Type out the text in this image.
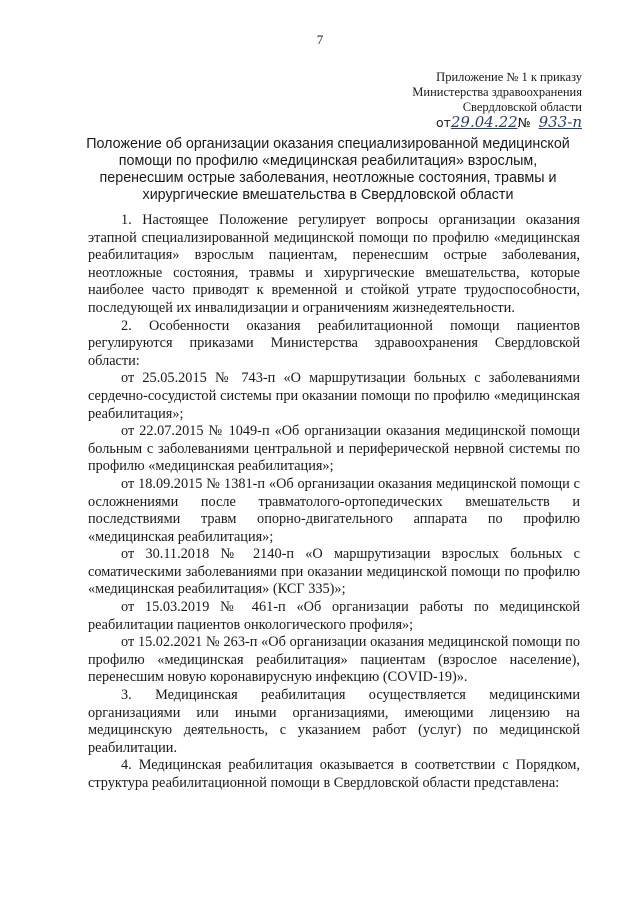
7
Приложение № 1 к приказу
Министерства здравоохранения
Свердловской области
от29.04.22№ 933-п
Положение об организации оказания специализированной медицинской помощи по профилю «медицинская реабилитация» взрослым, перенесшим острые заболевания, неотложные состояния, травмы и хирургические вмешательства в Свердловской области

1. Настоящее Положение регулирует вопросы организации оказания этапной специализированной медицинской помощи по профилю «медицинская реабилитация» взрослым пациентам, перенесшим острые заболевания, неотложные состояния, травмы и хирургические вмешательства, которые наиболее часто приводят к временной и стойкой утрате трудоспособности, последующей их инвалидизации и ограничениям жизнедеятельности.

2. Особенности оказания реабилитационной помощи пациентов регулируются приказами Министерства здравоохранения Свердловской области:

от 25.05.2015 № 743-п «О маршрутизации больных с заболеваниями сердечно-сосудистой системы при оказании помощи по профилю «медицинская реабилитация»;

от 22.07.2015 № 1049-п «Об организации оказания медицинской помощи больным с заболеваниями центральной и периферической нервной системы по профилю «медицинская реабилитация»;

от 18.09.2015 № 1381-п «Об организации оказания медицинской помощи с осложнениями после травматолого-ортопедических вмешательств и последствиями травм опорно-двигательного аппарата по профилю «медицинская реабилитация»;

от 30.11.2018 № 2140-п «О маршрутизации взрослых больных с соматическими заболеваниями при оказании медицинской помощи по профилю «медицинская реабилитация» (КСГ 335)»;

от 15.03.2019 № 461-п «Об организации работы по медицинской реабилитации пациентов онкологического профиля»;

от 15.02.2021 № 263-п «Об организации оказания медицинской помощи по профилю «медицинская реабилитация» пациентам (взрослое население), перенесшим новую коронавирусную инфекцию (COVID-19)».

3. Медицинская реабилитация осуществляется медицинскими организациями или иными организациями, имеющими лицензию на медицинскую деятельность, с указанием работ (услуг) по медицинской реабилитации.

4. Медицинская реабилитация оказывается в соответствии с Порядком, структура реабилитационной помощи в Свердловской области представлена:
